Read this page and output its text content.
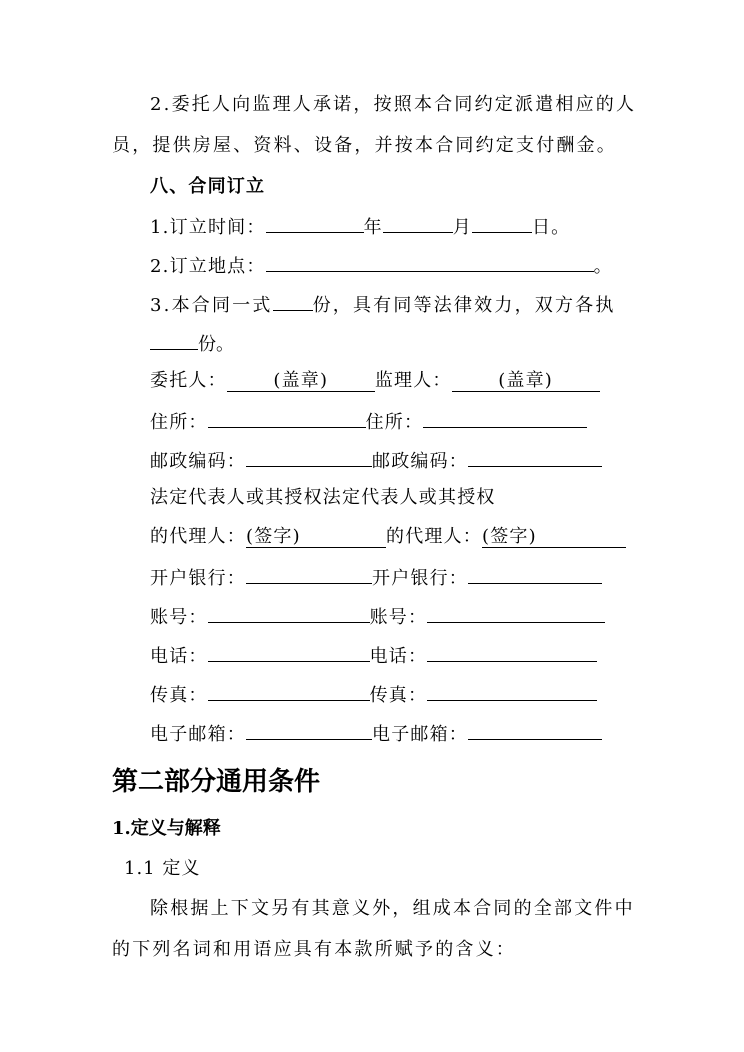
2.委托人向监理人承诺，按照本合同约定派遣相应的人
员，提供房屋、资料、设备，并按本合同约定支付酬金。
八、合同订立
1.订立时间：	年	月	日。
2.订立地点：	。
3.本合同一式 份，具有同等法律效力，双方各执
份。
委托人：	(盖章)	监理人：	(盖章)
住所：	住所：
邮政编码：	邮政编码：
法定代表人或其授权法定代表人或其授权
的代理人：(签字)	的代理人：(签字)
开户银行：	开户银行：
账号：	账号：
电话：	电话：
传真：	传真：
电子邮箱：	电子邮箱：
第二部分通用条件
1.定义与解释
1.1 定义
除根据上下文另有其意义外，组成本合同的全部文件中
的下列名词和用语应具有本款所赋予的含义：
